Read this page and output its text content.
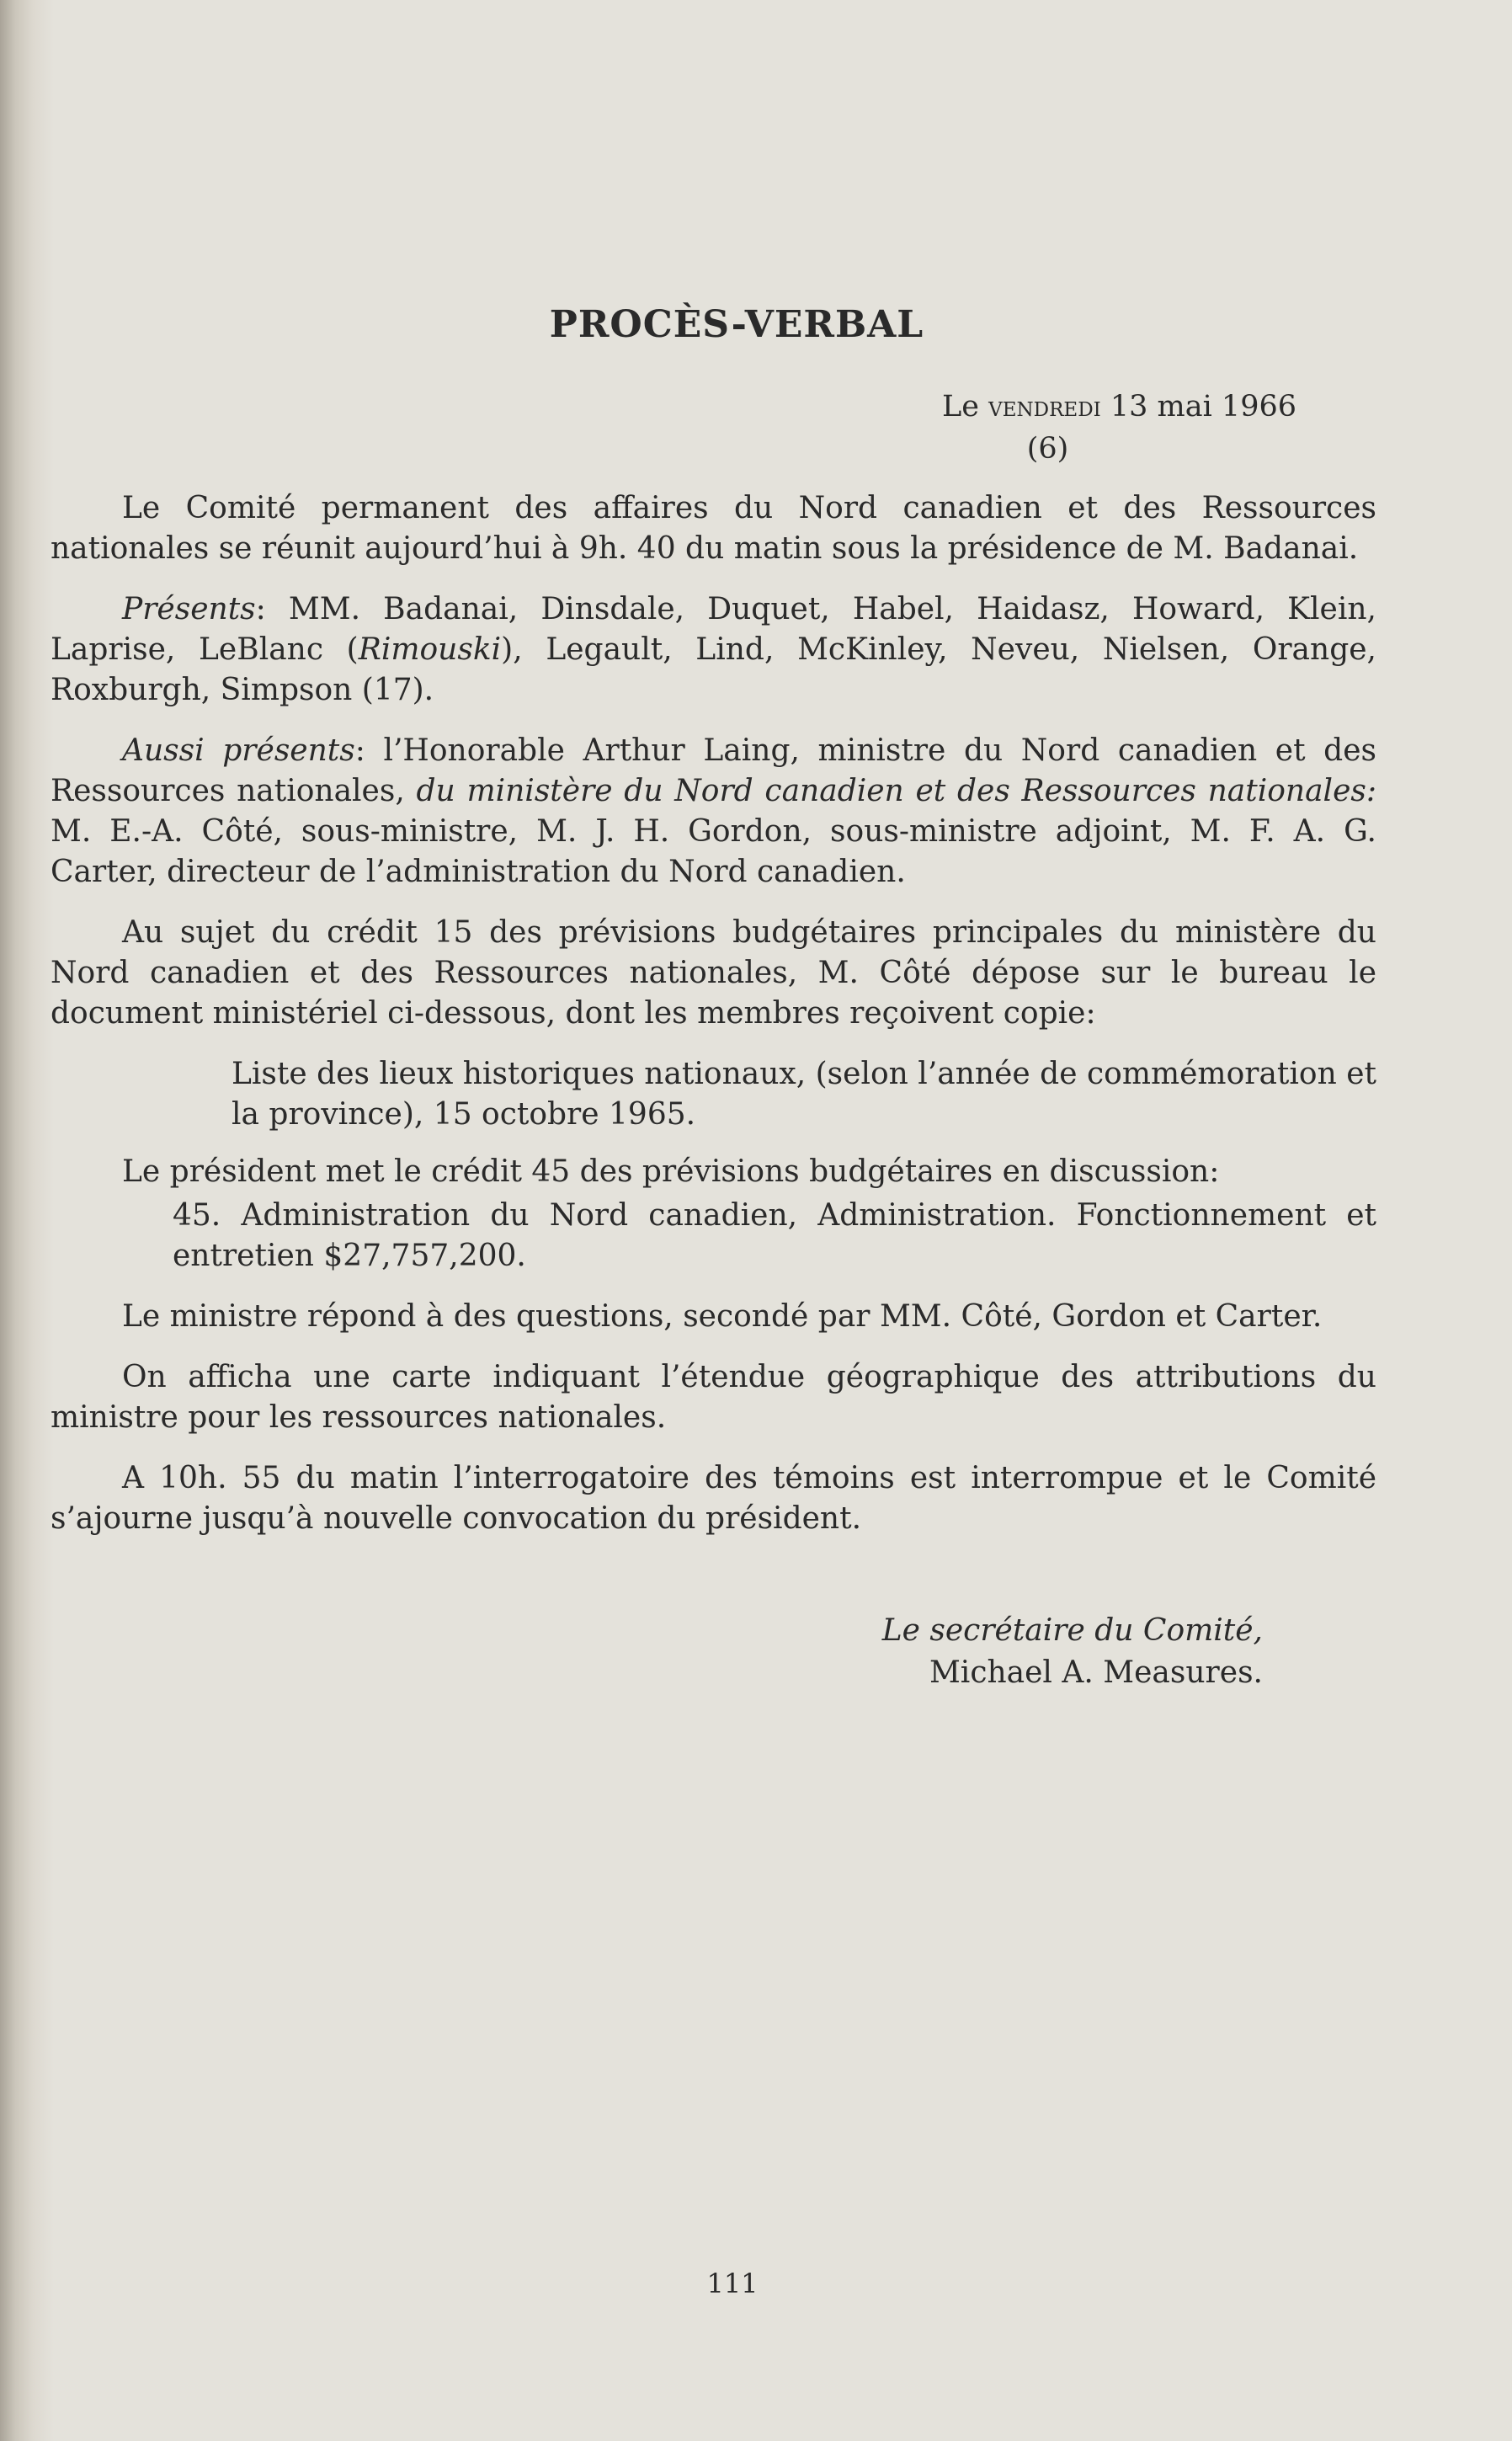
PROCÈS-VERBAL
Le vendredi 13 mai 1966
(6)

Le Comité permanent des affaires du Nord canadien et des Ressources nationales se réunit aujourd’hui à 9h. 40 du matin sous la présidence de M. Badanai.

Présents: MM. Badanai, Dinsdale, Duquet, Habel, Haidasz, Howard, Klein, Laprise, LeBlanc (Rimouski), Legault, Lind, McKinley, Neveu, Nielsen, Orange, Roxburgh, Simpson (17).

Aussi présents: l’Honorable Arthur Laing, ministre du Nord canadien et des Ressources nationales, du ministère du Nord canadien et des Ressources nationales: M. E.-A. Côté, sous-ministre, M. J. H. Gordon, sous-ministre adjoint, M. F. A. G. Carter, directeur de l’administration du Nord canadien.

Au sujet du crédit 15 des prévisions budgétaires principales du ministère du Nord canadien et des Ressources nationales, M. Côté dépose sur le bureau le document ministériel ci-dessous, dont les membres reçoivent copie:

Liste des lieux historiques nationaux, (selon l’année de commémoration et la province), 15 octobre 1965.

Le président met le crédit 45 des prévisions budgétaires en discussion:

45. Administration du Nord canadien, Administration. Fonctionnement et entretien $27,757,200.

Le ministre répond à des questions, secondé par MM. Côté, Gordon et Carter.

On afficha une carte indiquant l’étendue géographique des attributions du ministre pour les ressources nationales.

A 10h. 55 du matin l’interrogatoire des témoins est interrompue et le Comité s’ajourne jusqu’à nouvelle convocation du président.

Le secrétaire du Comité,
Michael A. Measures.
111
